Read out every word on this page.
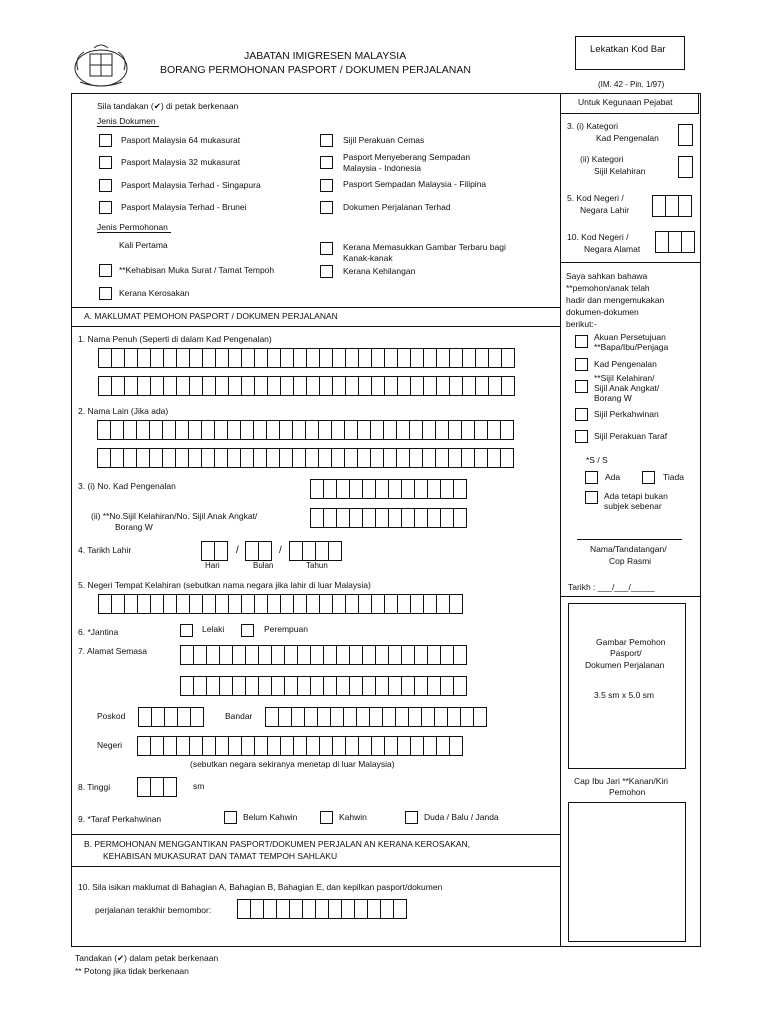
JABATAN IMIGRESEN MALAYSIA
BORANG PERMOHONAN PASPORT / DOKUMEN PERJALANAN
Lekatkan Kod Bar
(IM. 42 - Pin. 1/97)
Untuk Kegunaan Pejabat
Sila tandakan (✔) di petak berkenaan
Jenis Dokumen
Pasport Malaysia 64 mukasurat
Pasport Malaysia 32 mukasurat
Pasport Malaysia Terhad - Singapura
Pasport Malaysia Terhad - Brunei
Sijil Perakuan Cemas
Pasport Menyeberang Sempadan
Malaysia - Indonesia
Pasport Sempadan Malaysia - Filipina
Dokumen Perjalanan Terhad
Jenis Permohonan
Kali Pertama
**Kehabisan Muka Surat / Tamat Tempoh
Kerana Kerosakan
Kerana Memasukkan Gambar Terbaru bagi
Kanak-kanak
Kerana Kehilangan
A. MAKLUMAT PEMOHON PASPORT / DOKUMEN PERJALANAN
1. Nama Penuh (Seperti di dalam Kad Pengenalan)
2. Nama Lain (Jika ada)
3. (i) No. Kad Pengenalan
(ii) **No.Sijil Kelahiran/No. Sijil Anak Angkat/
Borang W
4. Tarikh Lahir	/	/
Hari	Bulan	Tahun
5. Negeri Tempat Kelahiran (sebutkan nama negara jika lahir di luar Malaysia)
6. *Jantina	Lelaki	Perempuan
7. Alamat Semasa
Poskod	Bandar
Negeri
(sebutkan negara sekiranya menetap di luar Malaysia)
8. Tinggi	sm
9. *Taraf Perkahwinan	Belum Kahwin	Kahwin	Duda / Balu / Janda
B. PERMOHONAN MENGGANTIKAN PASPORT/DOKUMEN PERJALAN AN KERANA KEROSAKAN,
KEHABISAN MUKASURAT DAN TAMAT TEMPOH SAHLAKU
10. Sila isikan maklumat di Bahagian A, Bahagian B, Bahagian E, dan kepilkan pasport/dokumen
perjalanan terakhir bernombor:
3. (i) Kategori
Kad Pengenalan
(ii) Kategori
Sijil Kelahiran
5. Kod Negeri /
Negara Lahir
10. Kod Negeri /
Negara Alamat
Saya sahkan bahawa
**pemohon/anak telah
hadir dan mengemukakan
dokumen-dokumen
berikut:-
Akuan Persetujuan
**Bapa/Ibu/Penjaga
Kad Pengenalan
**Sijil Kelahiran/
Sijil Anak Angkat/
Borang W
Sijil Perkahwinan
Sijil Perakuan Taraf
*S / S
Ada	Tiada
Ada tetapi bukan
subjek sebenar
Nama/Tandatangan/
Cop Rasmi
Tarikh : ___/___/_____
Gambar Pemohon
Pasport/
Dokumen Perjalanan
3.5 sm x 5.0 sm
Cap Ibu Jari **Kanan/Kiri
Pemohon
Tandakan (✔) dalam petak berkenaan
** Potong jika tidak berkenaan
